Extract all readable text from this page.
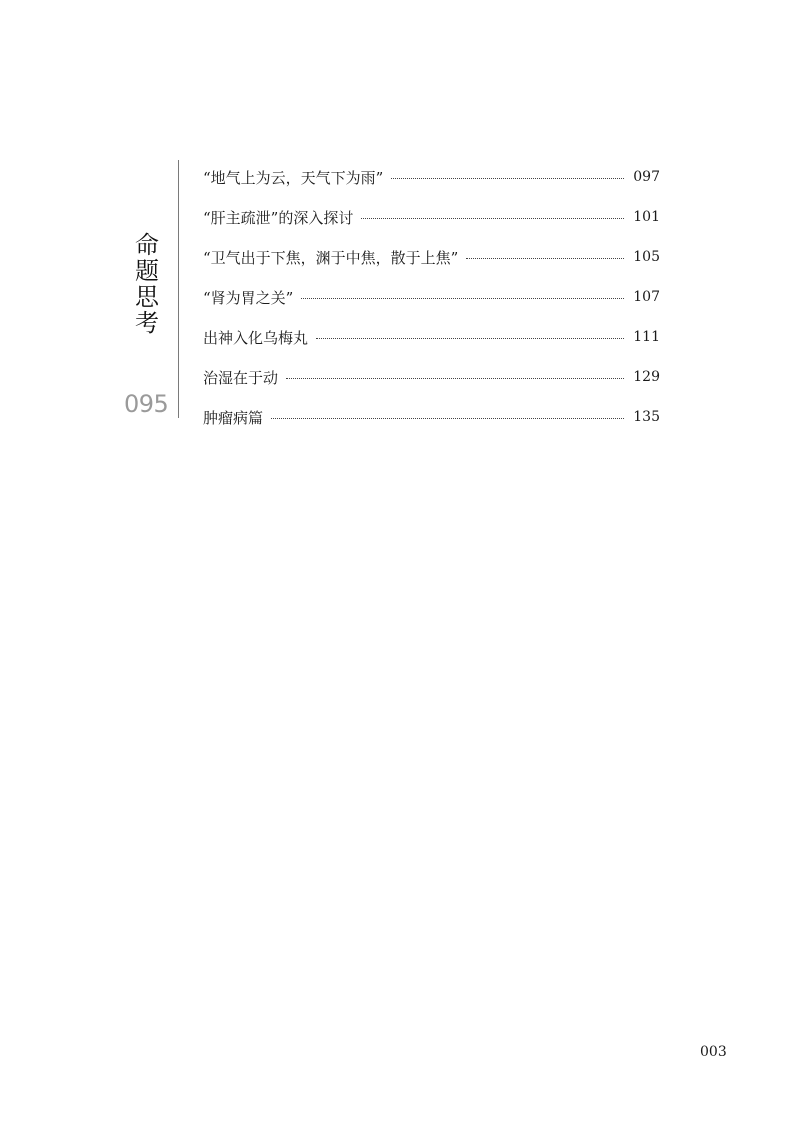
命
题
思
考
095
“地气上为云，天气下为雨”	097
“肝主疏泄”的深入探讨	101
“卫气出于下焦，渊于中焦，散于上焦”	105
“肾为胃之关”	107
出神入化乌梅丸	111
治湿在于动	129
肿瘤病篇	135
003
